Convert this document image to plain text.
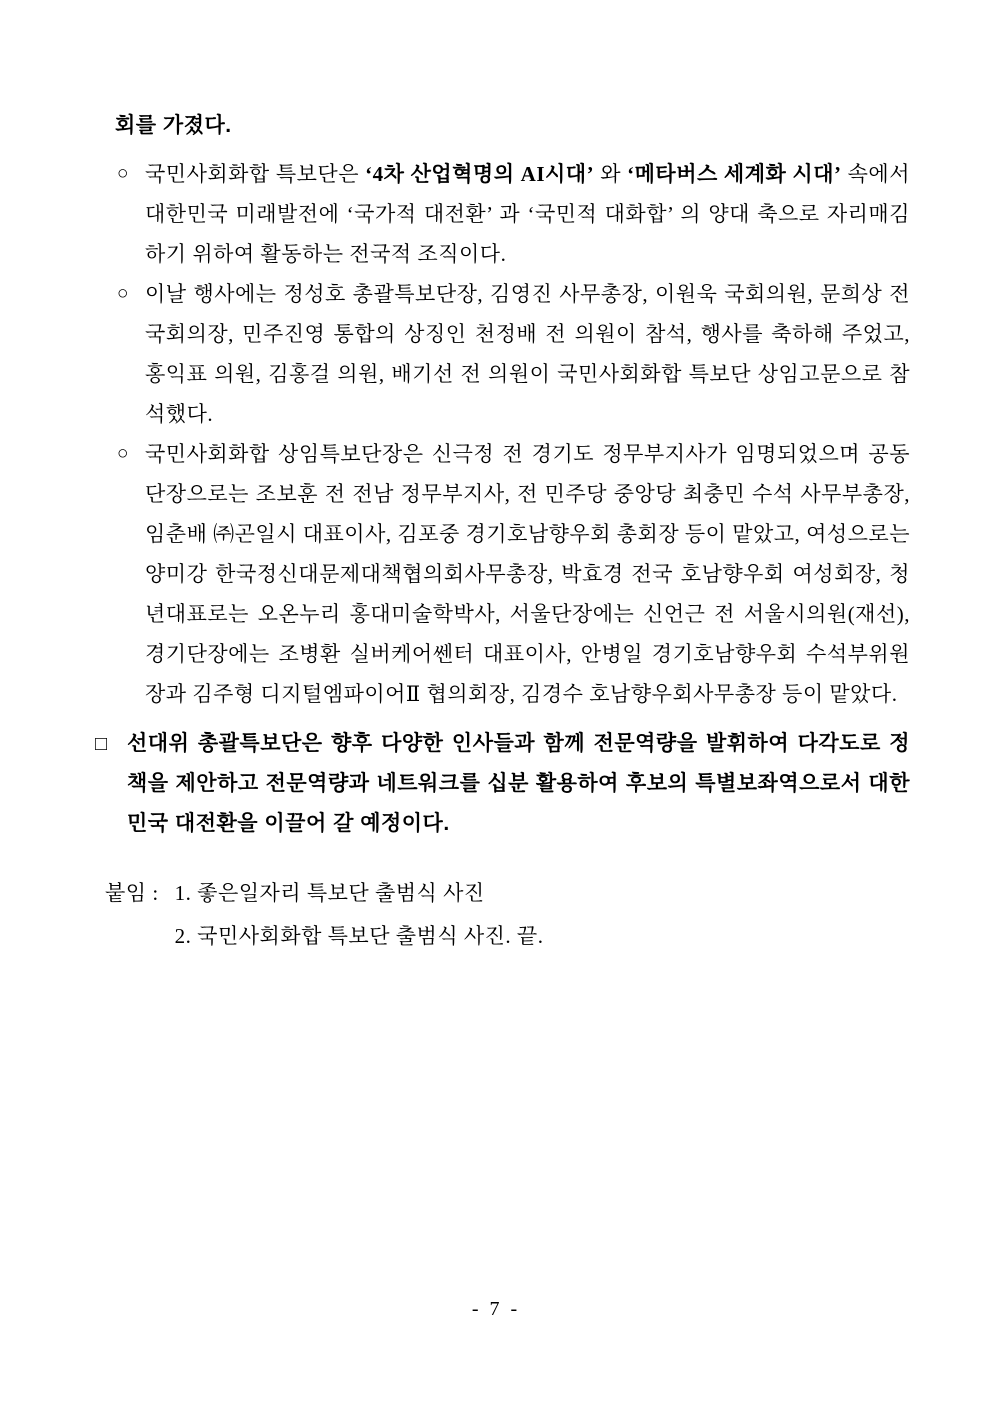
회를 가졌다.

○ 국민사회화합 특보단은 ‘4차 산업혁명의 AI시대’ 와 ‘메타버스 세계화 시대’ 속에서 대한민국 미래발전에 ‘국가적 대전환’ 과 ‘국민적 대화합’ 의 양대 축으로 자리매김하기 위하여 활동하는 전국적 조직이다.

○ 이날 행사에는 정성호 총괄특보단장, 김영진 사무총장, 이원욱 국회의원, 문희상 전 국회의장, 민주진영 통합의 상징인 천정배 전 의원이 참석, 행사를 축하해 주었고, 홍익표 의원, 김홍걸 의원, 배기선 전 의원이 국민사회화합 특보단 상임고문으로 참석했다.

○ 국민사회화합 상임특보단장은 신극정 전 경기도 정무부지사가 임명되었으며 공동단장으로는 조보훈 전 전남 정무부지사, 전 민주당 중앙당 최충민 수석 사무부총장, 임춘배 ㈜곤일시 대표이사, 김포중 경기호남향우회 총회장 등이 맡았고, 여성으로는 양미강 한국정신대문제대책협의회사무총장, 박효경 전국 호남향우회 여성회장, 청년대표로는 오온누리 홍대미술학박사, 서울단장에는 신언근 전 서울시의원(재선), 경기단장에는 조병환 실버케어쎈터 대표이사, 안병일 경기호남향우회 수석부위원장과 김주형 디지털엠파이어Ⅱ 협의회장, 김경수 호남향우회사무총장 등이 맡았다.

□ 선대위 총괄특보단은 향후 다양한 인사들과 함께 전문역량을 발휘하여 다각도로 정책을 제안하고 전문역량과 네트워크를 십분 활용하여 후보의 특별보좌역으로서 대한민국 대전환을 이끌어 갈 예정이다.

붙임 : 1. 좋은일자리 특보단 출범식 사진
2. 국민사회화합 특보단 출범식 사진. 끝.
- 7 -
